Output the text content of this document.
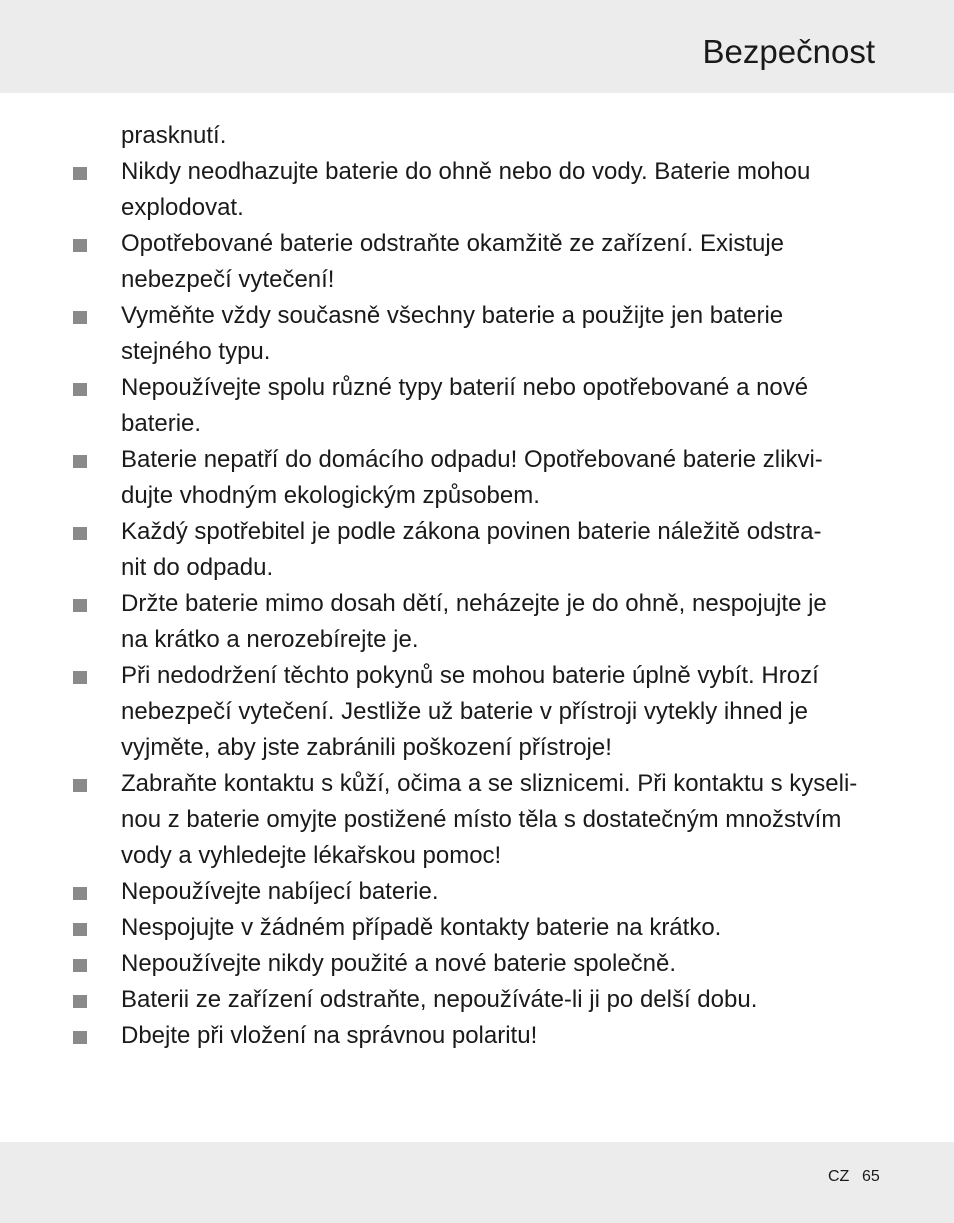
Bezpečnost
prasknutí.
Nikdy neodhazujte baterie do ohně nebo do vody. Baterie mohou
explodovat.
Opotřebované baterie odstraňte okamžitě ze zařízení. Existuje
nebezpečí vytečení!
Vyměňte vždy současně všechny baterie a použijte jen baterie
stejného typu.
Nepoužívejte spolu různé typy baterií nebo opotřebované a nové
baterie.
Baterie nepatří do domácího odpadu! Opotřebované baterie zlikvi-
dujte vhodným ekologickým způsobem.
Každý spotřebitel je podle zákona povinen baterie náležitě odstra-
nit do odpadu.
Držte baterie mimo dosah dětí, neházejte je do ohně, nespojujte je
na krátko a nerozebírejte je.
Při nedodržení těchto pokynů se mohou baterie úplně vybít. Hrozí
nebezpečí vytečení. Jestliže už baterie v přístroji vytekly ihned je
vyjměte, aby jste zabránili poškození přístroje!
Zabraňte kontaktu s kůží, očima a se sliznicemi. Při kontaktu s kyseli-
nou z baterie omyjte postižené místo těla s dostatečným množstvím
vody a vyhledejte lékařskou pomoc!
Nepoužívejte nabíjecí baterie.
Nespojujte v žádném případě kontakty baterie na krátko.
Nepoužívejte nikdy použité a nové baterie společně.
Baterii ze zařízení odstraňte, nepoužíváte-li ji po delší dobu.
Dbejte při vložení na správnou polaritu!
CZ 65
